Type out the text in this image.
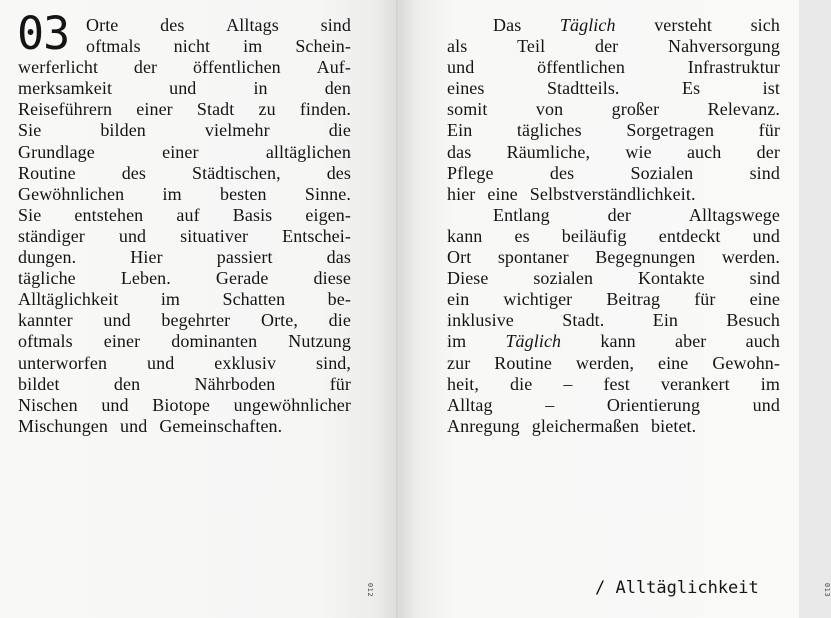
03 Orte des Alltags sind
oftmals nicht im Schein-
werferlicht der öffentlichen Auf-
merksamkeit	und	in	den
Reiseführern einer Stadt zu finden.
Sie	bilden	vielmehr	die
Grundlage	einer	alltäglichen
Routine	des	Städtischen,	des
Gewöhnlichen im besten Sinne.
Sie entstehen auf Basis eigen-
ständiger und situativer Entschei-
dungen.	Hier	passiert	das
tägliche	Leben.	Gerade	diese
Alltäglichkeit im Schatten be-
kannter und begehrter Orte, die
oftmals einer dominanten Nutzung
unterworfen und exklusiv sind,
bildet	den	Nährboden	für
Nischen und Biotope ungewöhnlicher
Mischungen und Gemeinschaften.
012
Das Täglich versteht sich
als	Teil	der	Nahversorgung
und	öffentlichen	Infrastruktur
eines	Stadtteils.	Es	ist
somit	von	großer	Relevanz.
Ein tägliches Sorgetragen für
das Räumliche, wie auch der
Pflege	des	Sozialen	sind
hier eine Selbstverständlichkeit.
Entlang	der	Alltagswege
kann es beiläufig entdeckt und
Ort spontaner Begegnungen werden.
Diese sozialen Kontakte sind
ein wichtiger Beitrag für eine
inklusive	Stadt.	Ein	Besuch
im Täglich kann aber auch
zur Routine werden, eine Gewohn-
heit, die – fest verankert im
Alltag	–	Orientierung	und
Anregung gleichermaßen bietet.
013
/ Alltäglichkeit
